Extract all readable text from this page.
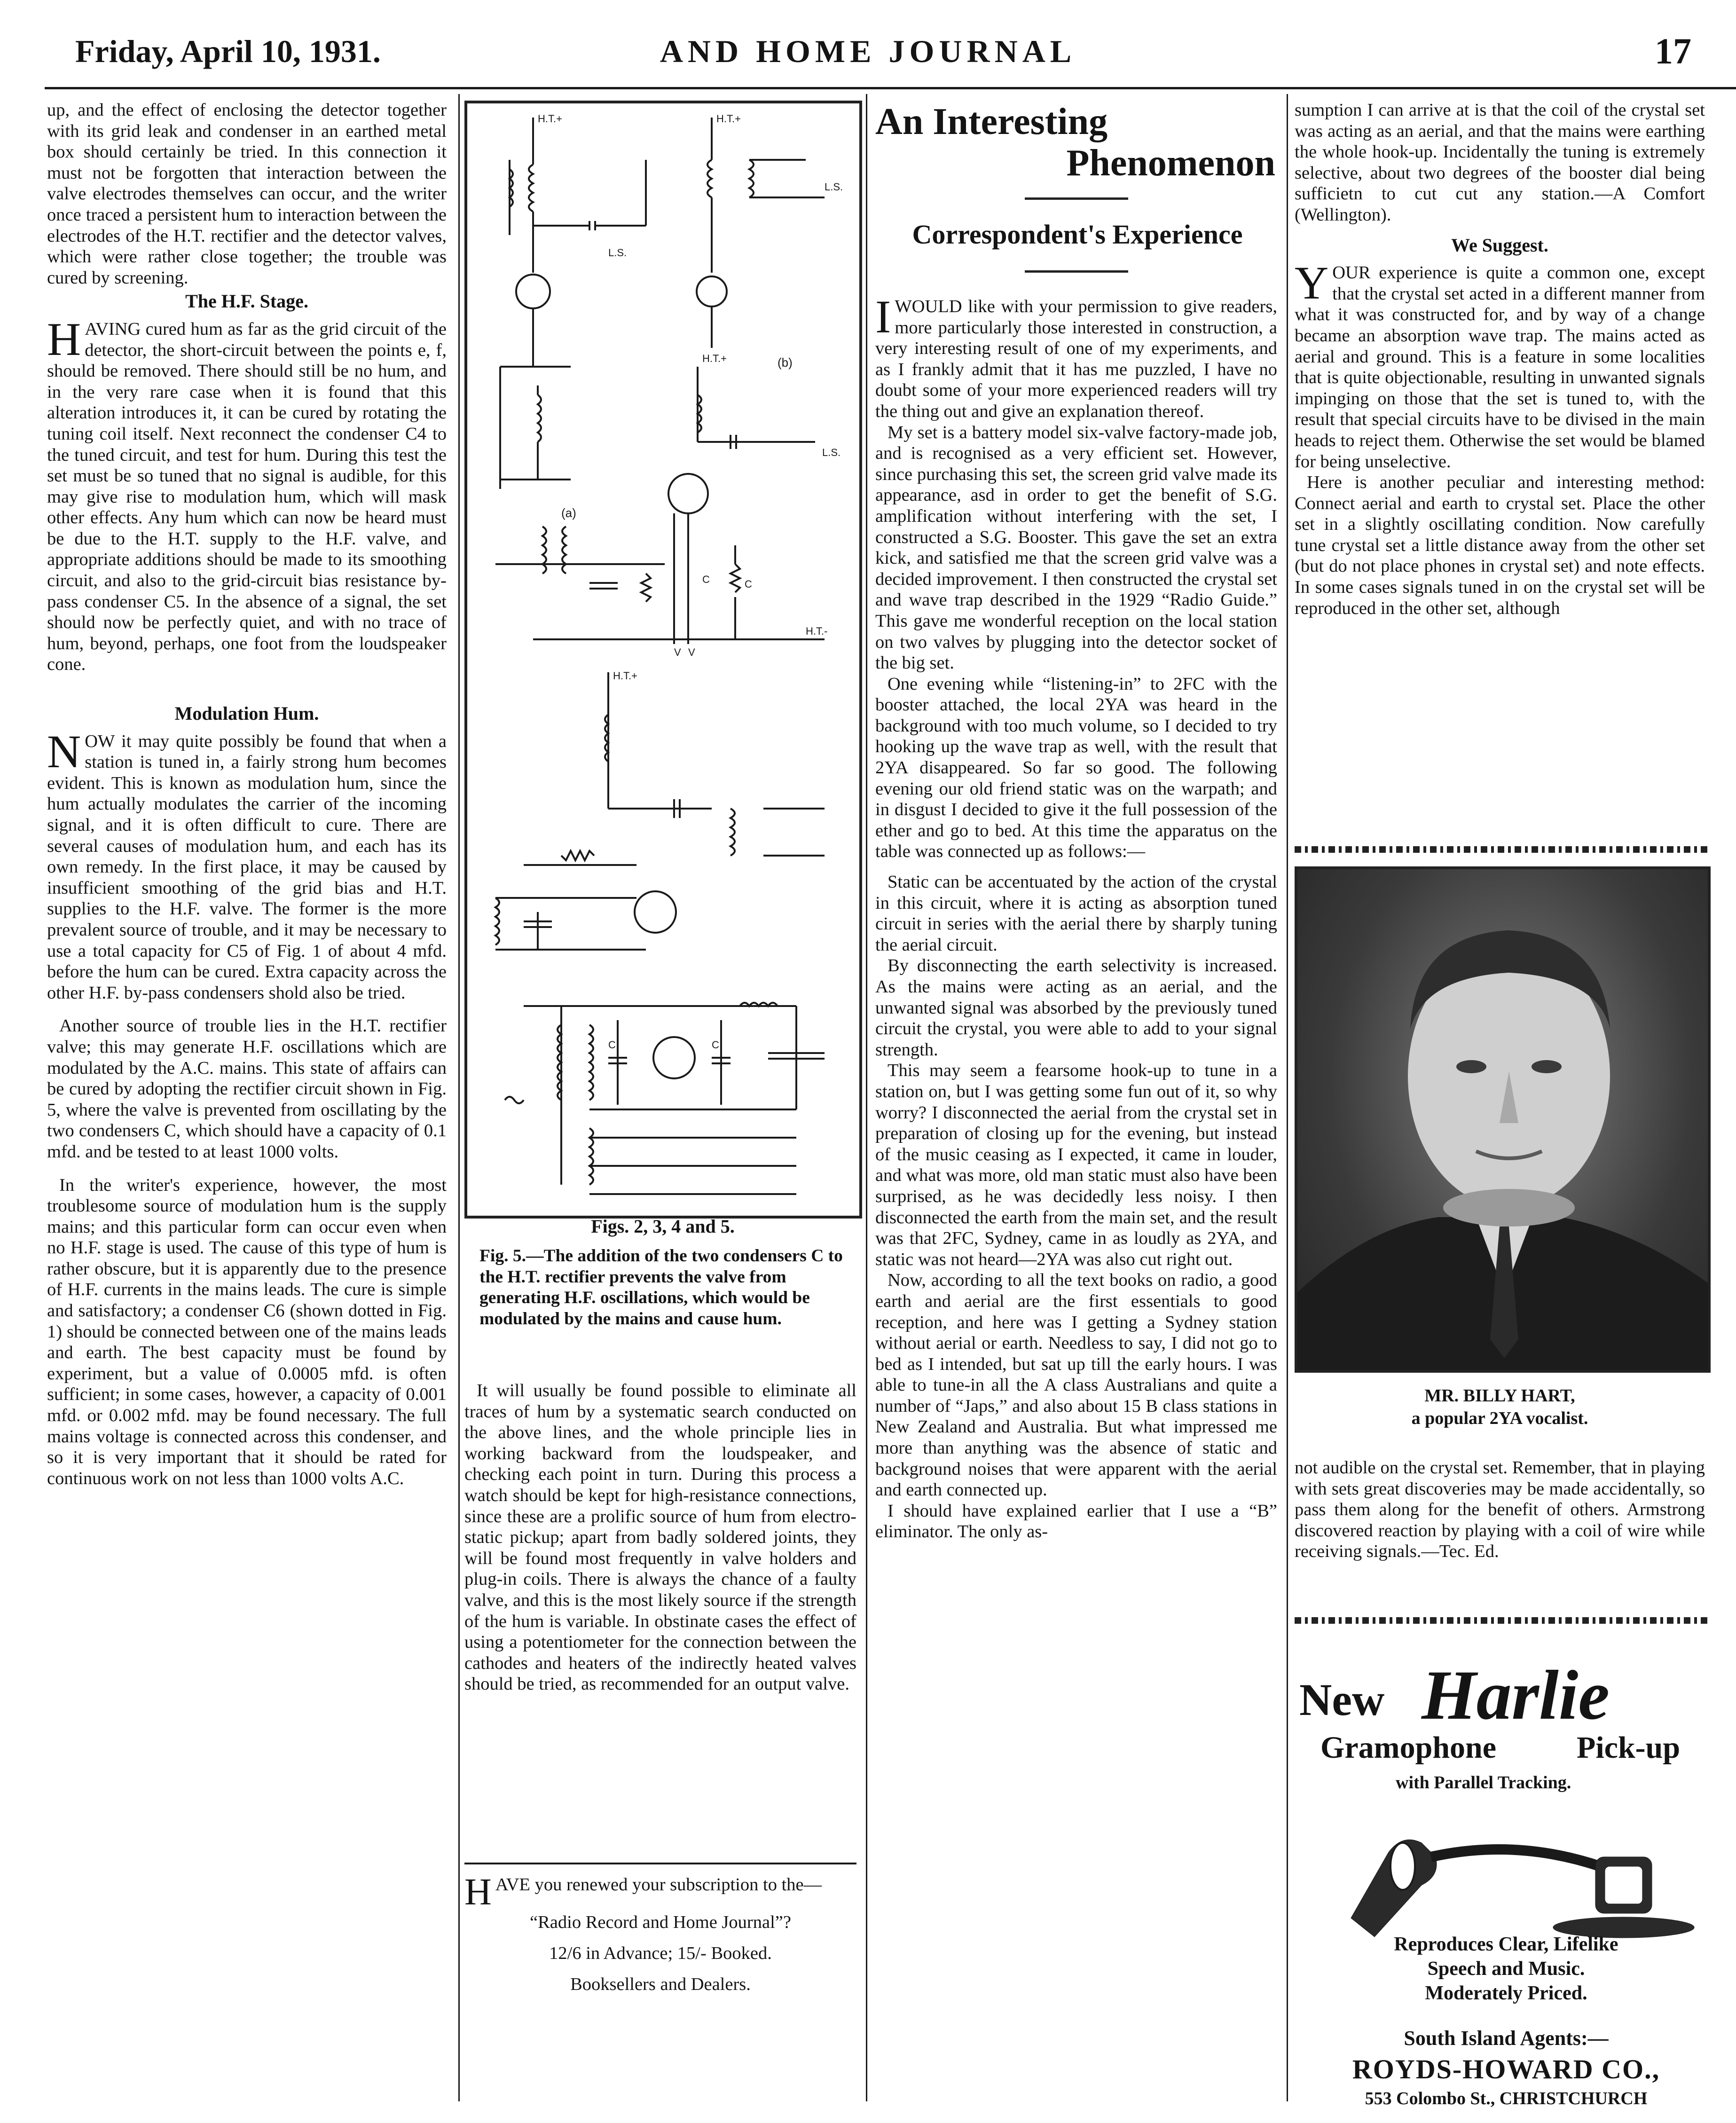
Friday, April 10, 1931.	AND HOME JOURNAL	17

up, and the effect of enclosing the detector together with its grid leak and condenser in an earthed metal box should certainly be tried. In this connection it must not be forgotten that interaction between the valve electrodes themselves can occur, and the writer once traced a persistent hum to interaction between the electrodes of the H.T. rectifier and the detector valves, which were rather close together; the trouble was cured by screening.

The H.F. Stage.

H AVING cured hum as far as the grid circuit of the detector, the short-circuit between the points e, f, should be removed. There should still be no hum, and in the very rare case when it is found that this alteration introduces it, it can be cured by rotating the tuning coil itself. Next reconnect the condenser C4 to the tuned circuit, and test for hum. During this test the set must be so tuned that no signal is audible, for this may give rise to modulation hum, which will mask other effects. Any hum which can now be heard must be due to the H.T. supply to the H.F. valve, and appropriate additions should be made to its smoothing circuit, and also to the grid-circuit bias resistance by-pass condenser C5. In the absence of a signal, the set should now be perfectly quiet, and with no trace of hum, beyond, perhaps, one foot from the loudspeaker cone.

Modulation Hum.

N OW it may quite possibly be found that when a station is tuned in, a fairly strong hum becomes evident. This is known as modulation hum, since the hum actually modulates the carrier of the incoming signal, and it is often difficult to cure. There are several causes of modulation hum, and each has its own remedy. In the first place, it may be caused by insufficient smoothing of the grid bias and H.T. supplies to the H.F. valve. The former is the more prevalent source of trouble, and it may be necessary to use a total capacity for C5 of Fig. 1 of about 4 mfd. before the hum can be cured. Extra capacity across the other H.F. by-pass condensers shold also be tried.

Another source of trouble lies in the H.T. rectifier valve; this may generate H.F. oscillations which are modulated by the A.C. mains. This state of affairs can be cured by adopting the rectifier circuit shown in Fig. 5, where the valve is prevented from oscillating by the two condensers C, which should have a capacity of 0.1 mfd. and be tested to at least 1000 volts.

In the writer's experience, however, the most troublesome source of modulation hum is the supply mains; and this particular form can occur even when no H.F. stage is used. The cause of this type of hum is rather obscure, but it is apparently due to the presence of H.F. currents in the mains leads. The cure is simple and satisfactory; a condenser C6 (shown dotted in Fig. 1) should be connected between one of the mains leads and earth. The best capacity must be found by experiment, but a value of 0.0005 mfd. is often sufficient; in some cases, however, a capacity of 0.001 mfd. or 0.002 mfd. may be found necessary. The full mains voltage is connected across this condenser, and so it is very important that it should be rated for continuous work on not less than 1000 volts A.C.

H.T.+	H.T.+
L.S.
L.S.
(a)
(b)
H.T.+
L.S.
C	C
V V
H.T.-
H.T.+
C	C
Figs. 2, 3, 4 and 5.
Fig. 5.—The addition of the two condensers C to the H.T. rectifier prevents the valve from generating H.F. oscillations, which would be modulated by the mains and cause hum.

It will usually be found possible to eliminate all traces of hum by a systematic search conducted on the above lines, and the whole principle lies in working backward from the loudspeaker, and checking each point in turn. During this process a watch should be kept for high-resistance connections, since these are a prolific source of hum from electro-static pickup; apart from badly soldered joints, they will be found most frequently in valve holders and plug-in coils. There is always the chance of a faulty valve, and this is the most likely source if the strength of the hum is variable. In obstinate cases the effect of using a potentiometer for the connection between the cathodes and heaters of the indirectly heated valves should be tried, as recommended for an output valve.

H AVE you renewed your subscription to the—

“Radio Record and Home Journal”?

12/6 in Advance; 15/- Booked.

Booksellers and Dealers.

An Interesting
Phenomenon
Correspondent's Experience

I WOULD like with your permission to give readers, more particularly those interested in construction, a very interesting result of one of my experiments, and as I frankly admit that it has me puzzled, I have no doubt some of your more experienced readers will try the thing out and give an explanation thereof.

My set is a battery model six-valve factory-made job, and is recognised as a very efficient set. However, since purchasing this set, the screen grid valve made its appearance, asd in order to get the benefit of S.G. amplification without interfering with the set, I constructed a S.G. Booster. This gave the set an extra kick, and satisfied me that the screen grid valve was a decided improvement. I then constructed the crystal set and wave trap described in the 1929 “Radio Guide.” This gave me wonderful reception on the local station on two valves by plugging into the detector socket of the big set.

One evening while “listening-in” to 2FC with the booster attached, the local 2YA was heard in the background with too much volume, so I decided to try hooking up the wave trap as well, with the result that 2YA disappeared. So far so good. The following evening our old friend static was on the warpath; and in disgust I decided to give it the full possession of the ether and go to bed. At this time the apparatus on the table was connected up as follows:—

Static can be accentuated by the action of the crystal in this circuit, where it is acting as absorption tuned circuit in series with the aerial there by sharply tuning the aerial circuit.

By disconnecting the earth selectivity is increased. As the mains were acting as an aerial, and the unwanted signal was absorbed by the previously tuned circuit the crystal, you were able to add to your signal strength.

This may seem a fearsome hook-up to tune in a station on, but I was getting some fun out of it, so why worry? I disconnected the aerial from the crystal set in preparation of closing up for the evening, but instead of the music ceasing as I expected, it came in louder, and what was more, old man static must also have been surprised, as he was decidedly less noisy. I then disconnected the earth from the main set, and the result was that 2FC, Sydney, came in as loudly as 2YA, and static was not heard—2YA was also cut right out.

Now, according to all the text books on radio, a good earth and aerial are the first essentials to good reception, and here was I getting a Sydney station without aerial or earth. Needless to say, I did not go to bed as I intended, but sat up till the early hours. I was able to tune-in all the A class Australians and quite a number of “Japs,” and also about 15 B class stations in New Zealand and Australia. But what impressed me more than anything was the absence of static and background noises that were apparent with the aerial and earth connected up.

I should have explained earlier that I use a “B” eliminator. The only as-

sumption I can arrive at is that the coil of the crystal set was acting as an aerial, and that the mains were earthing the whole hook-up. Incidentally the tuning is extremely selective, about two degrees of the booster dial being sufficietn to cut cut any station.—A Comfort (Wellington).

We Suggest.

Y OUR experience is quite a common one, except that the crystal set acted in a different manner from what it was constructed for, and by way of a change became an absorption wave trap. The mains acted as aerial and ground. This is a feature in some localities that is quite objectionable, resulting in unwanted signals impinging on those that the set is tuned to, with the result that special circuits have to be divised in the main heads to reject them. Otherwise the set would be blamed for being unselective.

Here is another peculiar and interesting method: Connect aerial and earth to crystal set. Place the other set in a slightly oscillating condition. Now carefully tune crystal set a little distance away from the other set (but do not place phones in crystal set) and note effects. In some cases signals tuned in on the crystal set will be reproduced in the other set, although

MR. BILLY HART,
a popular 2YA vocalist.

not audible on the crystal set. Remember, that in playing with sets great discoveries may be made accidentally, so pass them along for the benefit of others. Armstrong discovered reaction by playing with a coil of wire while receiving signals.—Tec. Ed.

New Harlie
Gramophone	Pick-up
with Parallel Tracking.
Reproduces Clear, Lifelike
Speech and Music.
Moderately Priced.
South Island Agents:—
ROYDS-HOWARD CO.,
553 Colombo St., CHRISTCHURCH
